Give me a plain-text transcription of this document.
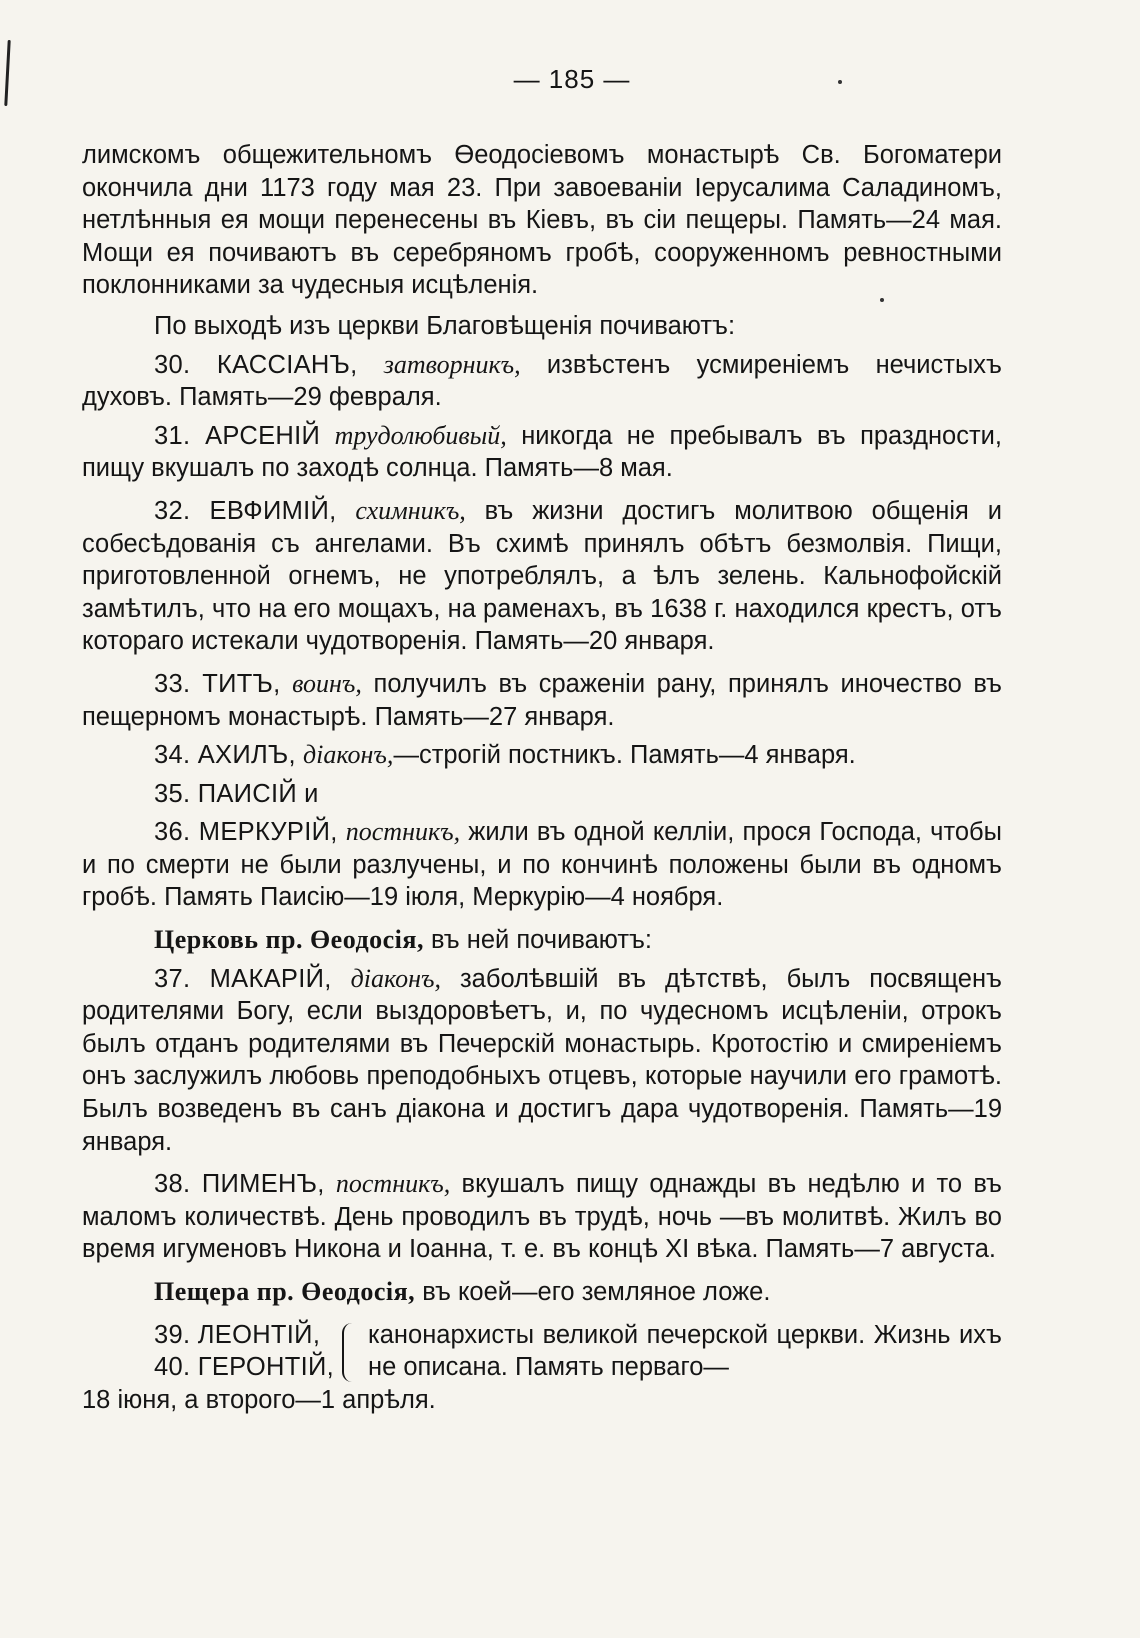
— 185 —

лимскомъ общежительномъ Өеодосіевомъ монастырѣ Св. Богоматери окончила дни 1173 году мая 23. При завоеваніи Іерусалима Саладиномъ, нетлѣнныя ея мощи перенесены въ Кіевъ, въ сіи пещеры. Память—24 мая. Мощи ея почиваютъ въ серебряномъ гробѣ, сооруженномъ ревностными поклонниками за чудесныя исцѣленія.

По выходѣ изъ церкви Благовѣщенія почиваютъ:

30. КАССІАНЪ, затворникъ, извѣстенъ усмиреніемъ нечистыхъ духовъ. Память—29 февраля.

31. АРСЕНІЙ трудолюбивый, никогда не пребывалъ въ праздности, пищу вкушалъ по заходѣ солнца. Память—8 мая.

32. ЕВФИМІЙ, схимникъ, въ жизни достигъ молитвою общенія и собесѣдованія съ ангелами. Въ схимѣ принялъ обѣтъ безмолвія. Пищи, приготовленной огнемъ, не употреблялъ, а ѣлъ зелень. Кальнофойскій замѣтилъ, что на его мощахъ, на раменахъ, въ 1638 г. находился крестъ, отъ котораго истекали чудотворенія. Память—20 января.

33. ТИТЪ, воинъ, получилъ въ сраженіи рану, принялъ иночество въ пещерномъ монастырѣ. Память—27 января.

34. АХИЛЪ, діаконъ,—строгій постникъ. Память—4 января.

35. ПАИСІЙ и

36. МЕРКУРІЙ, постникъ, жили въ одной келліи, прося Господа, чтобы и по смерти не были разлучены, и по кончинѣ положены были въ одномъ гробѣ. Память Паисію—19 іюля, Меркурію—4 ноября.

Церковь пр. Өеодосія, въ ней почиваютъ:

37. МАКАРІЙ, діаконъ, заболѣвшій въ дѣтствѣ, былъ посвященъ родителями Богу, если выздоровѣетъ, и, по чудесномъ исцѣленіи, отрокъ былъ отданъ родителями въ Печерскій монастырь. Кротостію и смиреніемъ онъ заслужилъ любовь преподобныхъ отцевъ, которые научили его грамотѣ. Былъ возведенъ въ санъ діакона и достигъ дара чудотворенія. Память—19 января.

38. ПИМЕНЪ, постникъ, вкушалъ пищу однажды въ недѣлю и то въ маломъ количествѣ. День проводилъ въ трудѣ, ночь —въ молитвѣ. Жилъ во время игуменовъ Никона и Іоанна, т. е. въ концѣ XI вѣка. Память—7 августа.

Пещера пр. Өеодосія, въ коей—его земляное ложе.

39. ЛЕОНТІЙ,
40. ГЕРОНТІЙ,
канонархисты великой печерской церкви. Жизнь ихъ не описана. Память перваго—

18 іюня, а второго—1 апрѣля.
